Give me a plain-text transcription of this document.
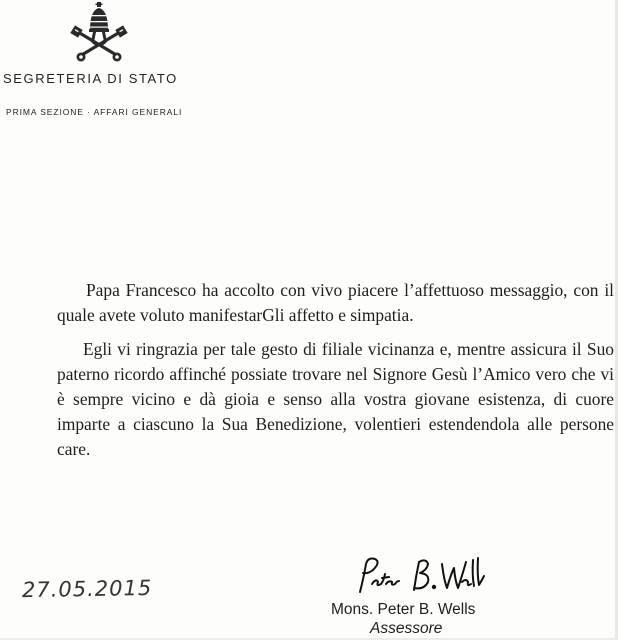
SEGRETERIA DI STATO
PRIMA SEZIONE · AFFARI GENERALI

Papa Francesco ha accolto con vivo piacere l’affettuoso messaggio, con il quale avete voluto manifestarGli affetto e simpatia.

Egli vi ringrazia per tale gesto di filiale vicinanza e, mentre assicura il Suo paterno ricordo affinché possiate trovare nel Signore Gesù l’Amico vero che vi è sempre vicino e dà gioia e senso alla vostra giovane esistenza, di cuore imparte a ciascuno la Sua Benedizione, volentieri estendendola alle persone care.

27.05.2015
Mons. Peter B. Wells
Assessore
